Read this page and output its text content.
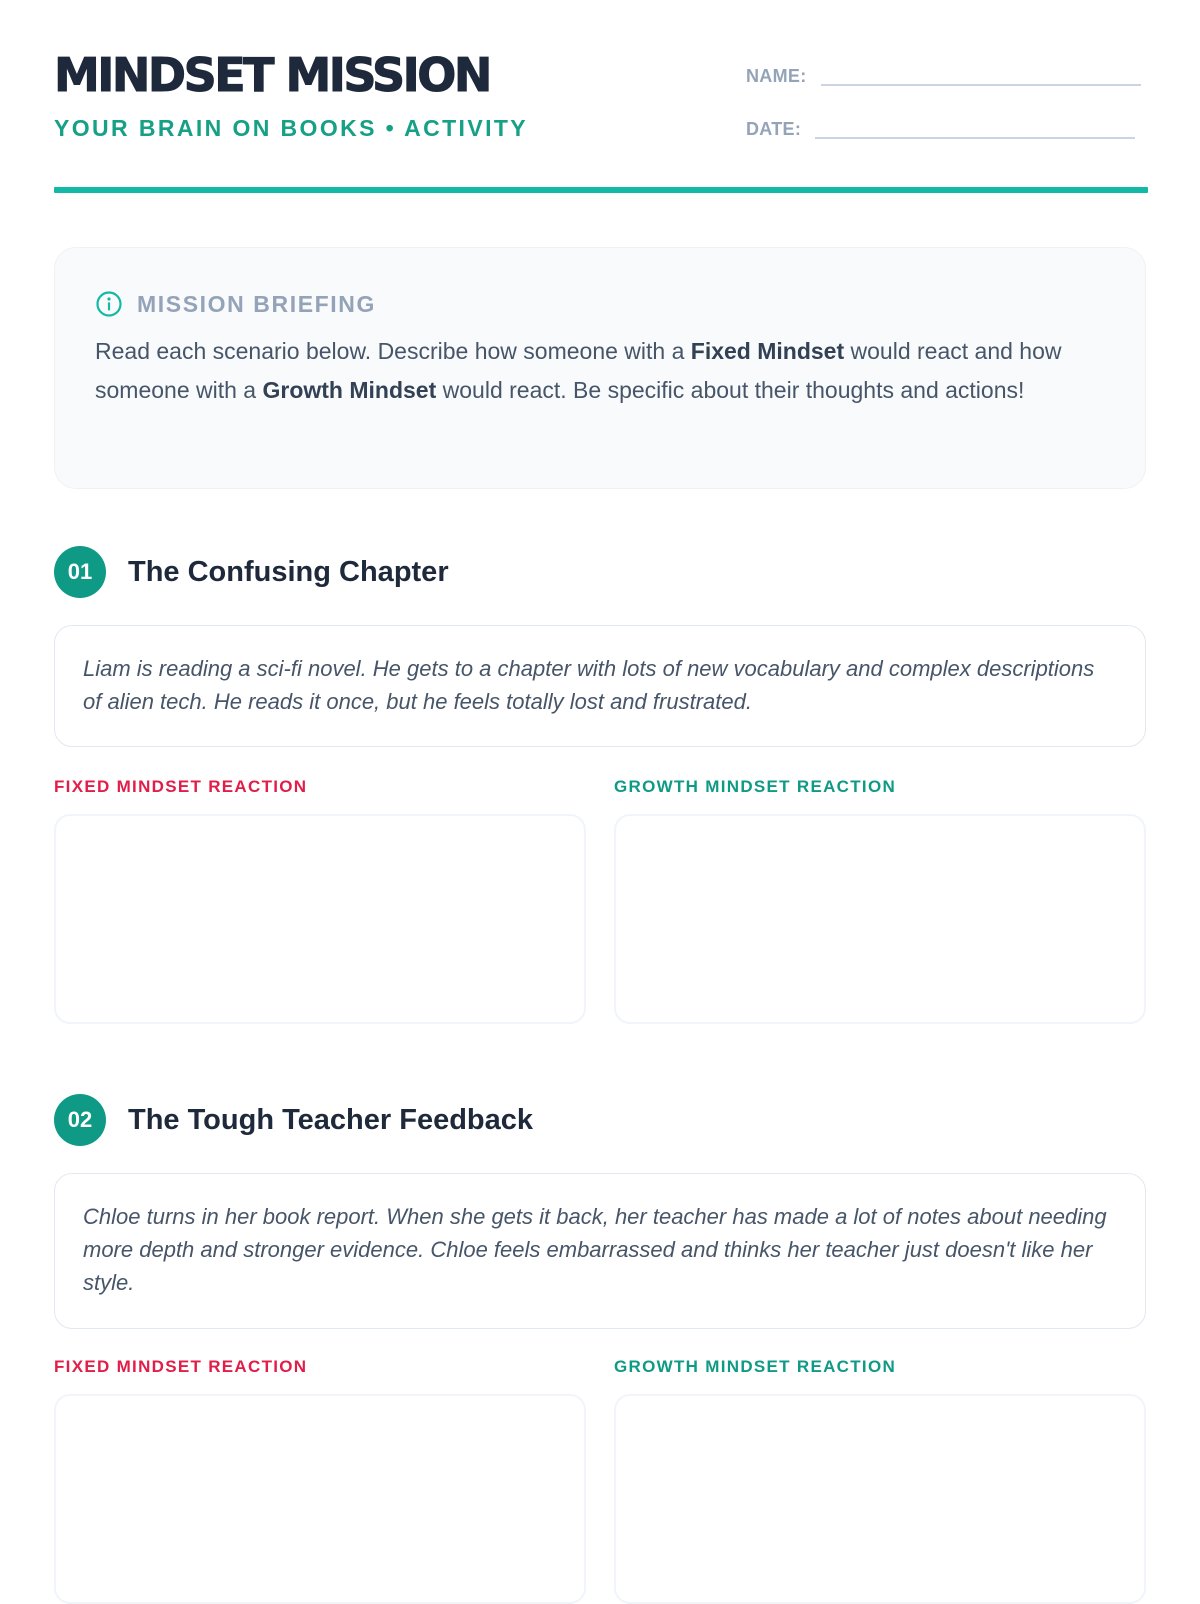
MINDSET MISSION
YOUR BRAIN ON BOOKS • ACTIVITY
NAME:
DATE:
MISSION BRIEFING
Read each scenario below. Describe how someone with a Fixed Mindset would react and how someone with a Growth Mindset would react. Be specific about their thoughts and actions!
01	The Confusing Chapter
Liam is reading a sci-fi novel. He gets to a chapter with lots of new vocabulary and complex descriptions of alien tech. He reads it once, but he feels totally lost and frustrated.
FIXED MINDSET REACTION	GROWTH MINDSET REACTION
02	The Tough Teacher Feedback
Chloe turns in her book report. When she gets it back, her teacher has made a lot of notes about needing more depth and stronger evidence. Chloe feels embarrassed and thinks her teacher just doesn't like her style.
FIXED MINDSET REACTION	GROWTH MINDSET REACTION
